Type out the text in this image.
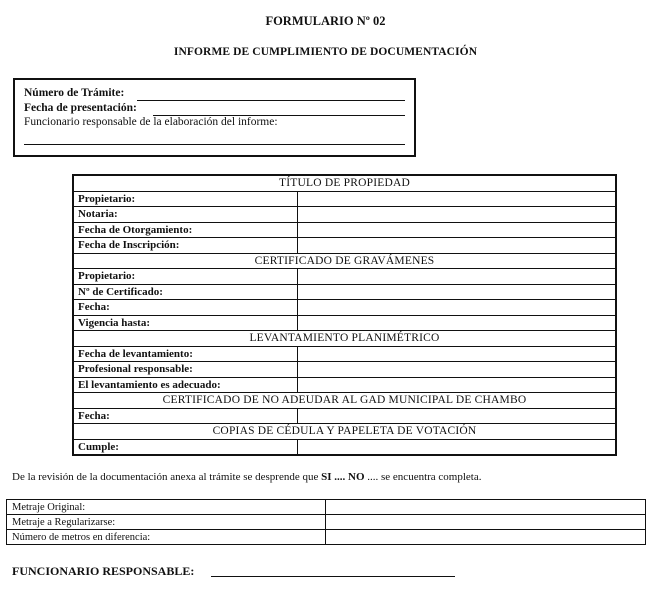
FORMULARIO Nº 02
INFORME DE CUMPLIMIENTO DE DOCUMENTACIÓN
Número de Trámite:
Fecha de presentación:
Funcionario responsable de la elaboración del informe:
TÍTULO DE PROPIEDAD	
Propietario:	
Notaria:	
Fecha de Otorgamiento:	
Fecha de Inscripción:	
CERTIFICADO DE GRAVÁMENES	
Propietario:	
Nº de Certificado:	
Fecha:	
Vigencia hasta:	
LEVANTAMIENTO PLANIMÉTRICO	
Fecha de levantamiento:	
Profesional responsable:	
El levantamiento es adecuado:	
CERTIFICADO DE NO ADEUDAR AL GAD MUNICIPAL DE CHAMBO	
Fecha:	
COPIAS DE CÉDULA Y PAPELETA DE VOTACIÓN	
Cumple:	
De la revisión de la documentación anexa al trámite se desprende que SI .... NO .... se encuentra completa.
Metraje Original:	
Metraje a Regularizarse:	
Número de metros en diferencia:	
FUNCIONARIO RESPONSABLE:
